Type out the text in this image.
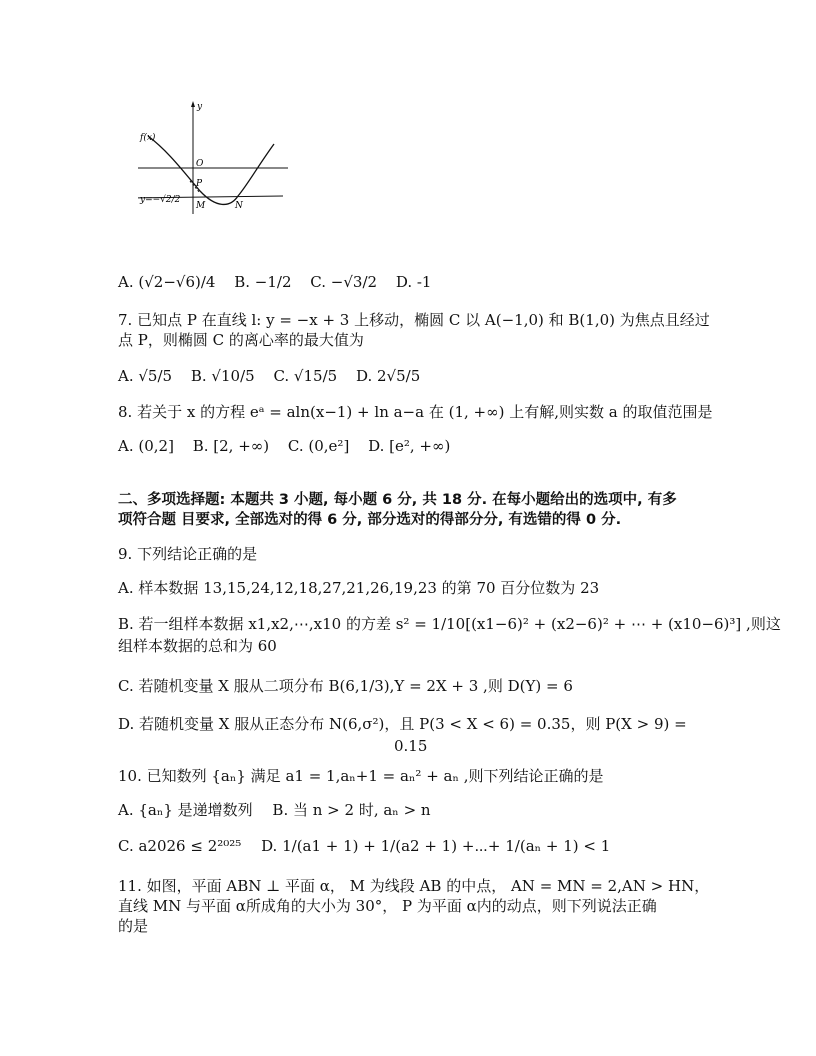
f(x)
y
O
P
M	N
y=−√2/2
A. (√2−√6)/4 B. −1/2 C. −√3/2 D. -1
7. 已知点 P 在直线 l: y = −x + 3 上移动，椭圆 C 以 A(−1,0) 和 B(1,0) 为焦点且经过
点 P，则椭圆 C 的离心率的最大值为
A. √5/5 B. √10/5 C. √15/5 D. 2√5/5
8. 若关于 x 的方程 eᵃ = aln(x−1) + ln a−a 在 (1, +∞) 上有解,则实数 a 的取值范围是
A. (0,2] B. [2, +∞) C. (0,e²] D. [e², +∞)
二、多项选择题: 本题共 3 小题, 每小题 6 分, 共 18 分. 在每小题给出的选项中, 有多
项符合题 目要求, 全部选对的得 6 分, 部分选对的得部分分, 有选错的得 0 分.
9. 下列结论正确的是
A. 样本数据 13,15,24,12,18,27,21,26,19,23 的第 70 百分位数为 23
B. 若一组样本数据 x1,x2,⋯,x10 的方差 s² = 1/10[(x1−6)² + (x2−6)² + ⋯ + (x10−6)³] ,则这
组样本数据的总和为 60
C. 若随机变量 X 服从二项分布 B(6,1/3),Y = 2X + 3 ,则 D(Y) = 6
D. 若随机变量 X 服从正态分布 N(6,σ²)，且 P(3 < X < 6) = 0.35，则 P(X > 9) =
0.15
10. 已知数列 {aₙ} 满足 a1 = 1,aₙ+1 = aₙ² + aₙ ,则下列结论正确的是
A. {aₙ} 是递增数列　 B. 当 n > 2 时, aₙ > n
C. a2026 ≤ 2²⁰²⁵　 D. 1/(a1 + 1) + 1/(a2 + 1) +⋯+ 1/(aₙ + 1) < 1
11. 如图，平面 ABN ⊥ 平面 α， M 为线段 AB 的中点， AN = MN = 2,AN > HN，
直线 MN 与平面 α所成角的大小为 30°， P 为平面 α内的动点，则下列说法正确
的是
